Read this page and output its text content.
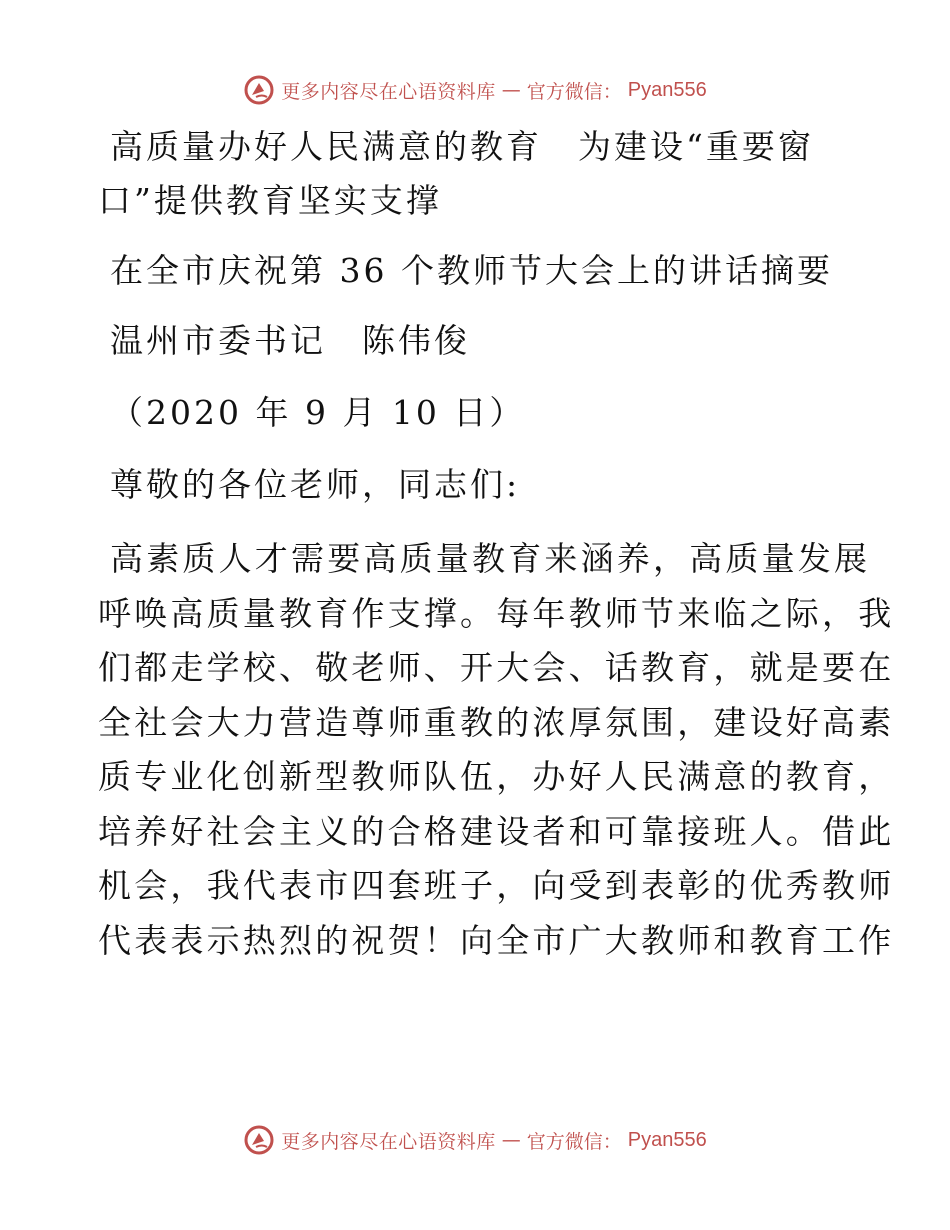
更多内容尽在心语资料库 — 官方微信： Pyan556
高质量办好人民满意的教育　为建设“重要窗
口”提供教育坚实支撑
在全市庆祝第 36 个教师节大会上的讲话摘要
温州市委书记　陈伟俊
（2020 年 9 月 10 日）
尊敬的各位老师，同志们:
高素质人才需要高质量教育来涵养，高质量发展
呼唤高质量教育作支撑。每年教师节来临之际，我
们都走学校、敬老师、开大会、话教育，就是要在
全社会大力营造尊师重教的浓厚氛围，建设好高素
质专业化创新型教师队伍，办好人民满意的教育，
培养好社会主义的合格建设者和可靠接班人。借此
机会，我代表市四套班子，向受到表彰的优秀教师
代表表示热烈的祝贺！向全市广大教师和教育工作
更多内容尽在心语资料库 — 官方微信： Pyan556
